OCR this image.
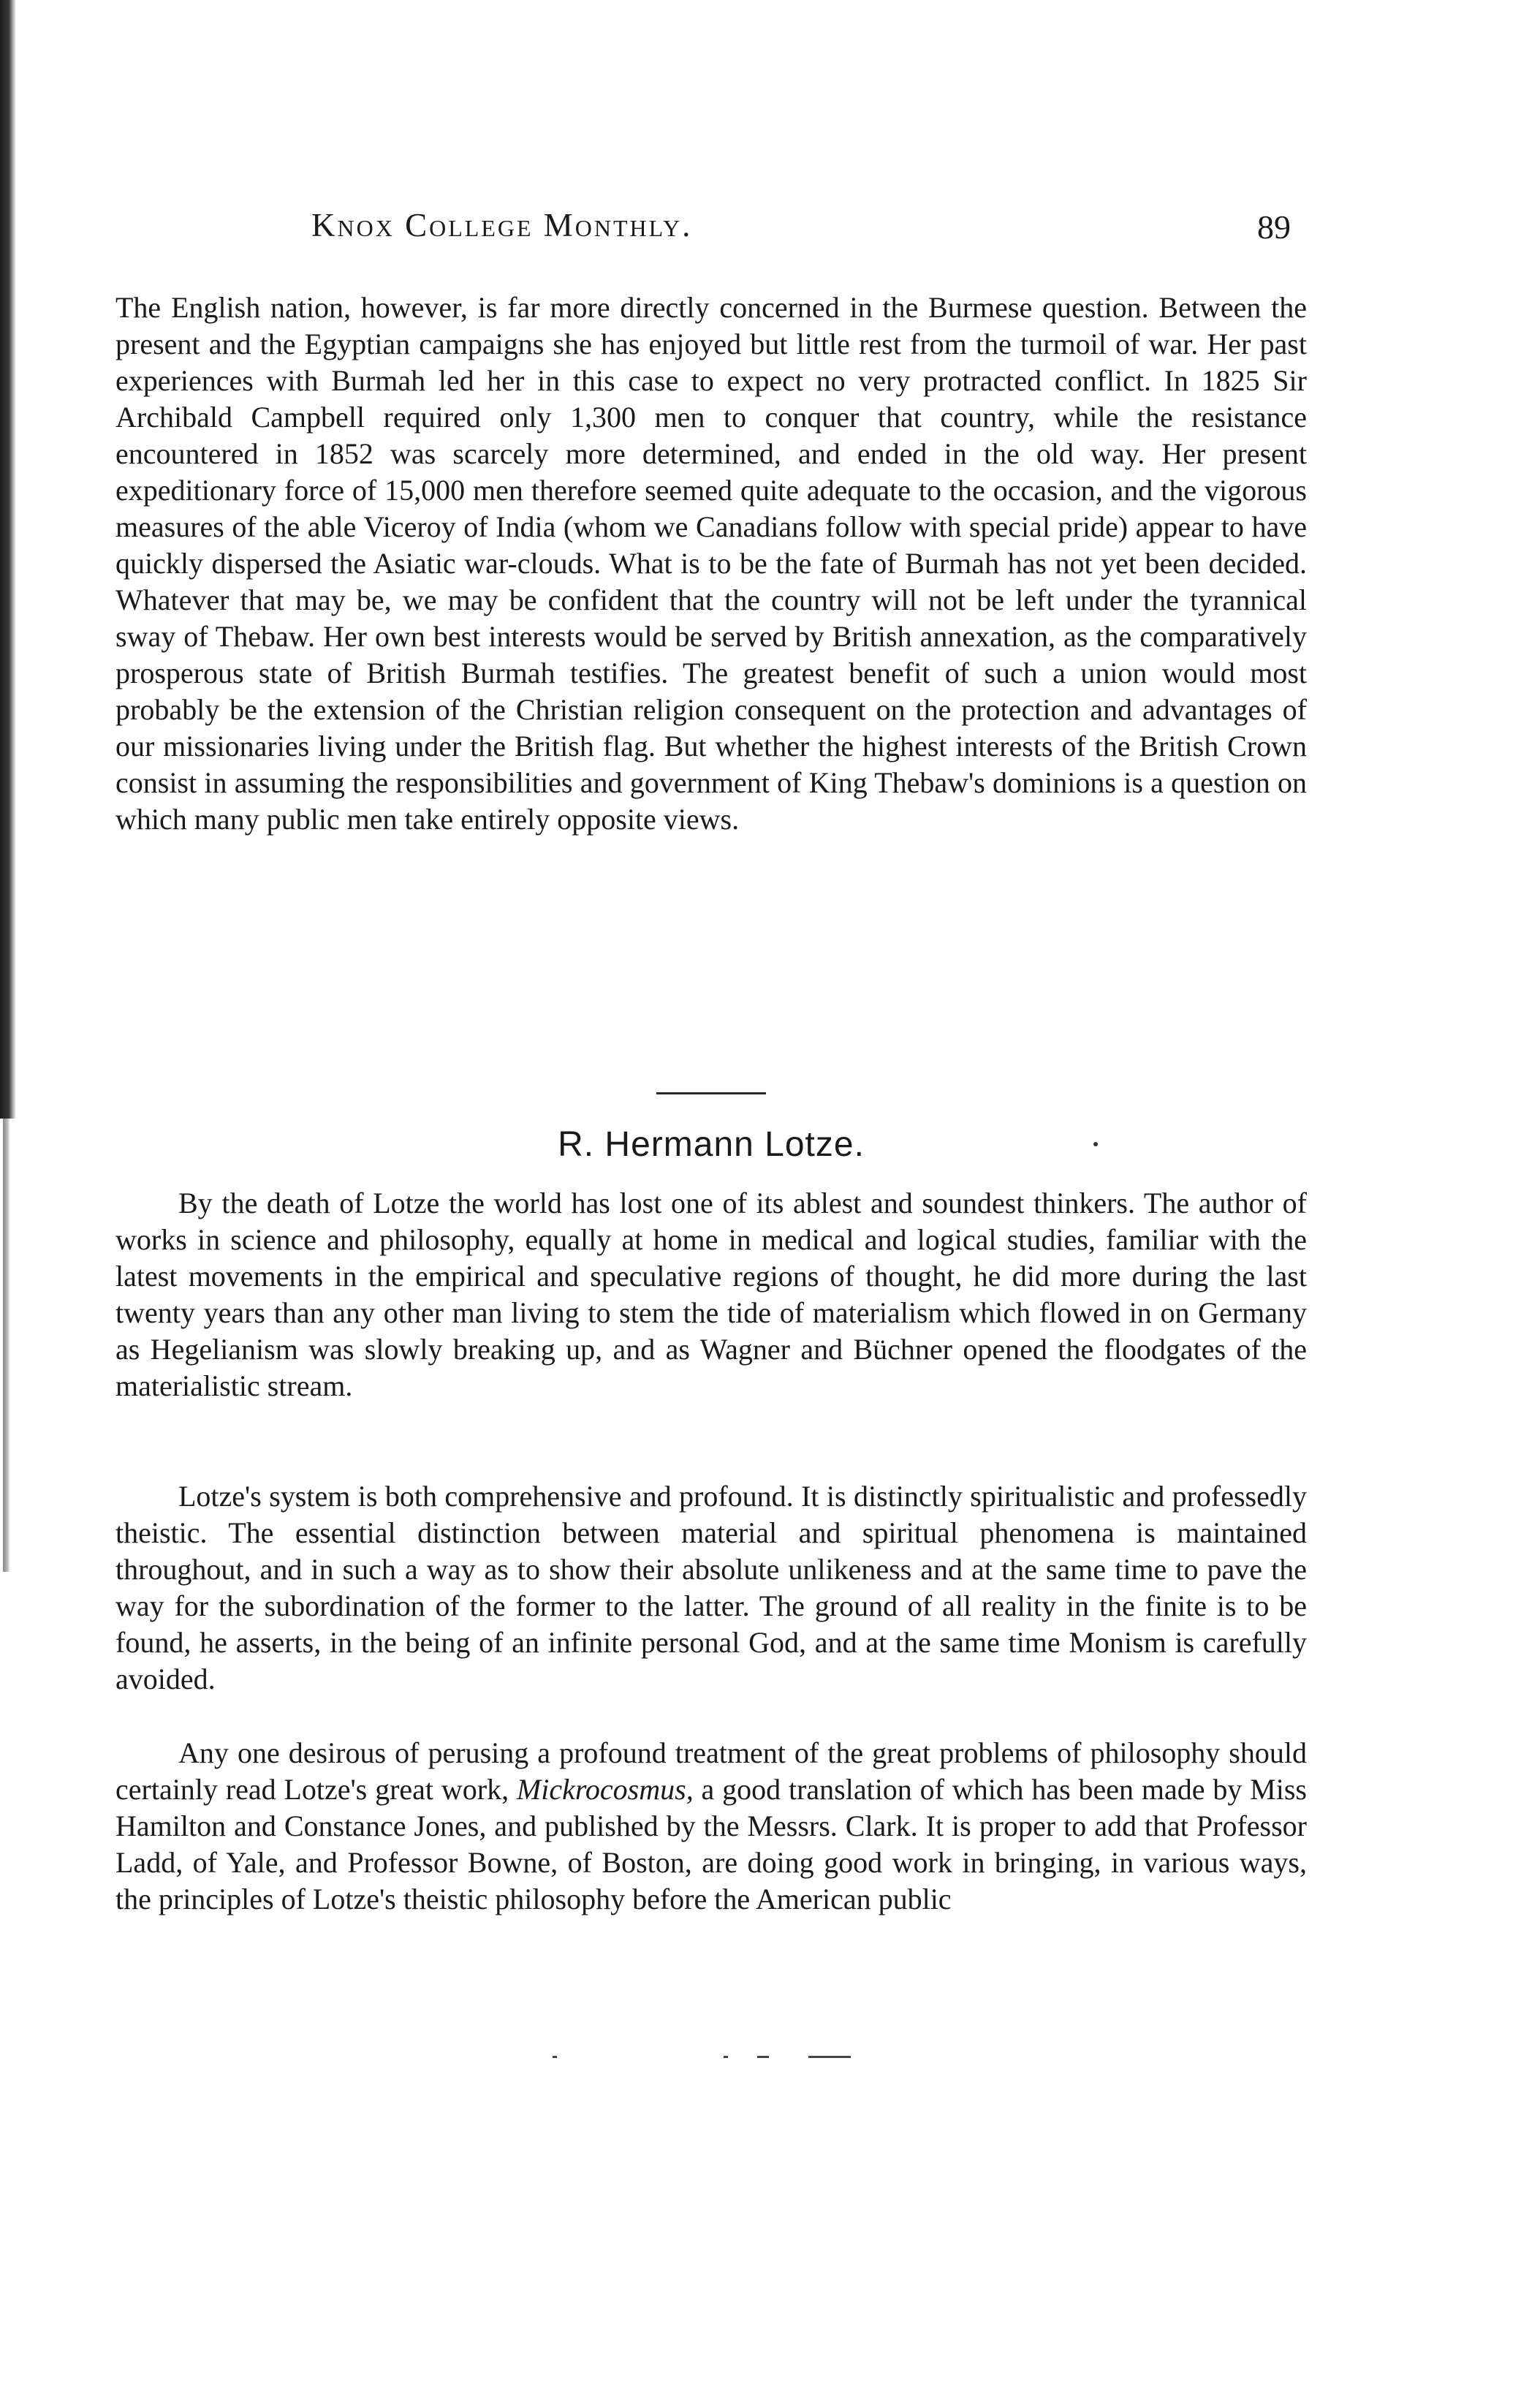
Knox College Monthly.	89

The English nation, however, is far more directly concerned in the Burmese question. Between the present and the Egyptian campaigns she has enjoyed but little rest from the turmoil of war. Her past experiences with Burmah led her in this case to expect no very protracted conflict. In 1825 Sir Archibald Campbell required only 1,300 men to conquer that country, while the resistance encountered in 1852 was scarcely more determined, and ended in the old way. Her present expeditionary force of 15,000 men therefore seemed quite adequate to the occasion, and the vigorous measures of the able Viceroy of India (whom we Canadians follow with special pride) appear to have quickly dispersed the Asiatic war-clouds. What is to be the fate of Burmah has not yet been decided. Whatever that may be, we may be confident that the country will not be left under the tyrannical sway of Thebaw. Her own best interests would be served by British annexation, as the comparatively prosperous state of British Burmah testifies. The greatest benefit of such a union would most probably be the extension of the Christian religion consequent on the protection and advantages of our missionaries living under the British flag. But whether the highest interests of the British Crown consist in assuming the responsibilities and government of King Thebaw's dominions is a question on which many public men take entirely opposite views.

R. Hermann Lotze.

By the death of Lotze the world has lost one of its ablest and soundest thinkers. The author of works in science and philosophy, equally at home in medical and logical studies, familiar with the latest movements in the empirical and speculative regions of thought, he did more during the last twenty years than any other man living to stem the tide of materialism which flowed in on Germany as Hegelianism was slowly breaking up, and as Wagner and Büchner opened the floodgates of the materialistic stream.

Lotze's system is both comprehensive and profound. It is distinctly spiritualistic and professedly theistic. The essential distinction between material and spiritual phenomena is maintained throughout, and in such a way as to show their absolute unlikeness and at the same time to pave the way for the subordination of the former to the latter. The ground of all reality in the finite is to be found, he asserts, in the being of an infinite personal God, and at the same time Monism is carefully avoided.

Any one desirous of perusing a profound treatment of the great problems of philosophy should certainly read Lotze's great work, Mickrocosmus, a good translation of which has been made by Miss Hamilton and Constance Jones, and published by the Messrs. Clark. It is proper to add that Professor Ladd, of Yale, and Professor Bowne, of Boston, are doing good work in bringing, in various ways, the principles of Lotze's theistic philosophy before the American public
